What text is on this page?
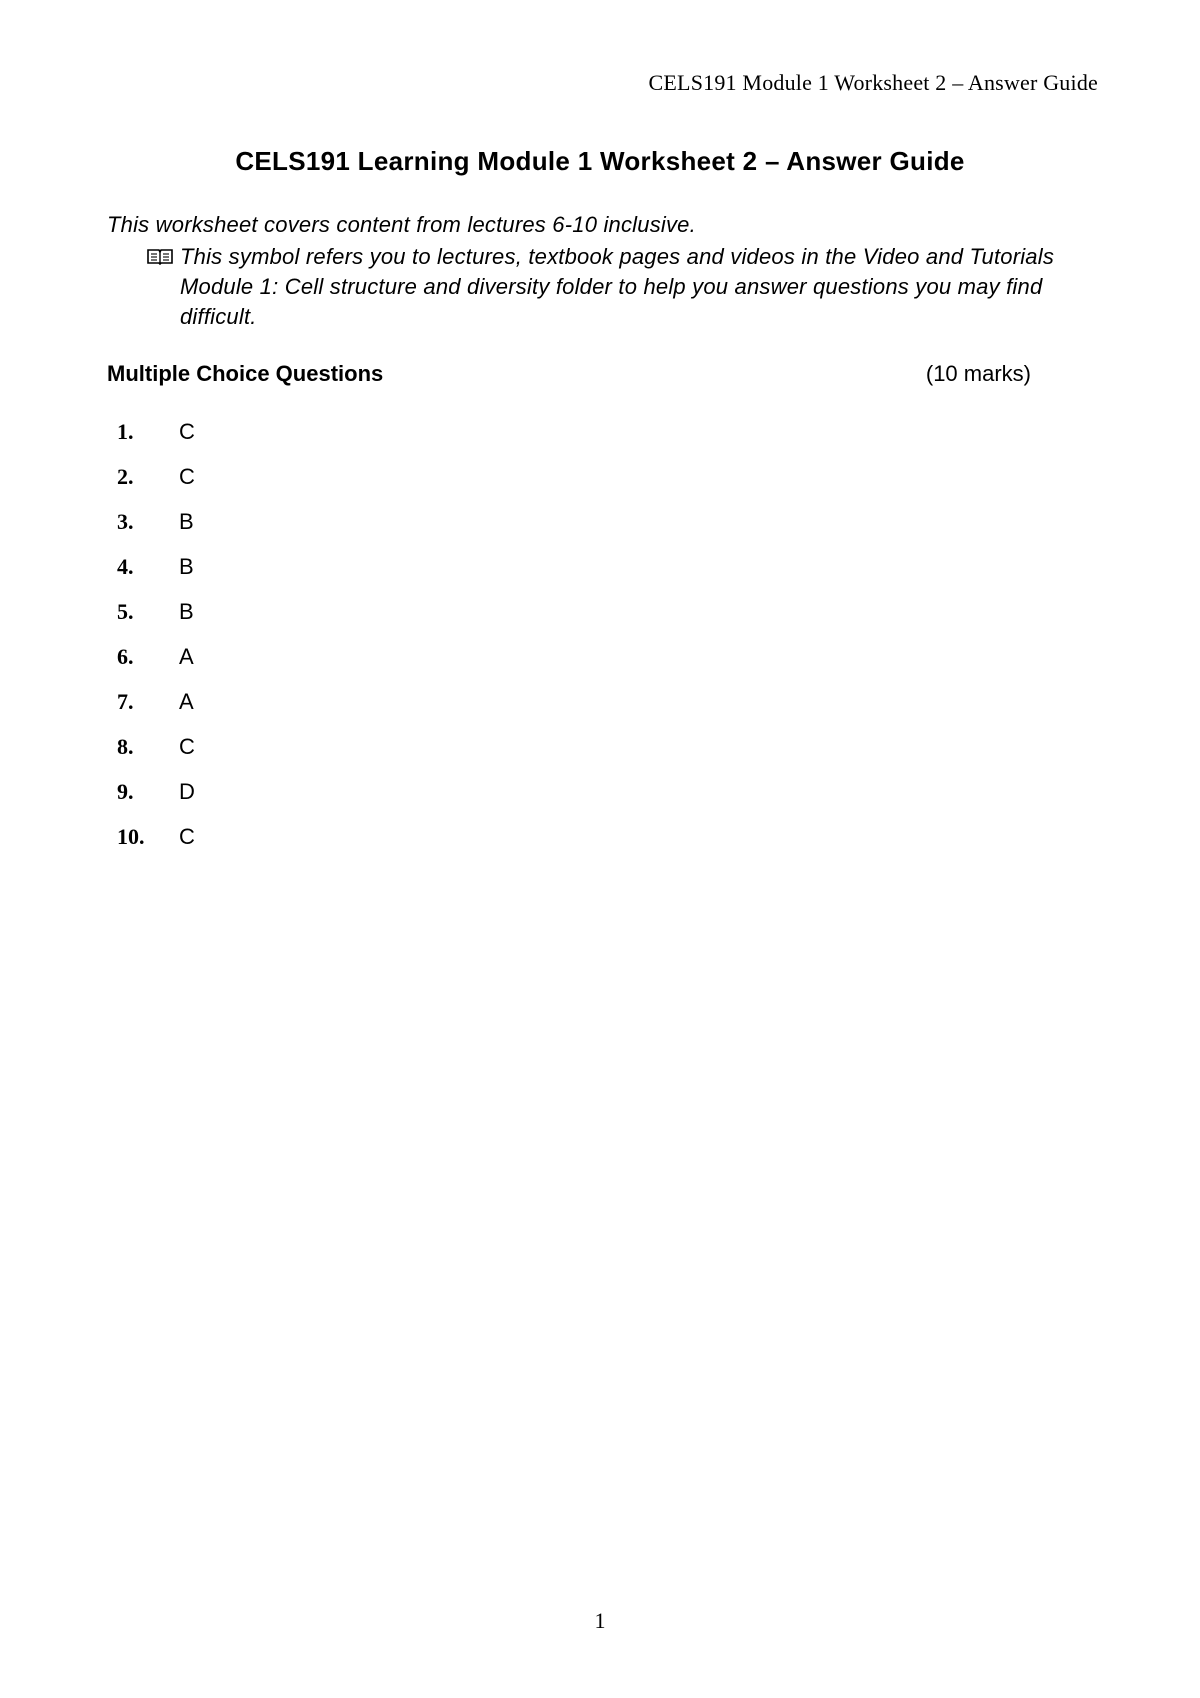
CELS191 Module 1 Worksheet 2 – Answer Guide
CELS191 Learning Module 1 Worksheet 2 – Answer Guide
This worksheet covers content from lectures 6-10 inclusive.
This symbol refers you to lectures, textbook pages and videos in the Video and Tutorials Module 1: Cell structure and diversity folder to help you answer questions you may find difficult.
Multiple Choice Questions	(10 marks)
1. C
2. C
3. B
4. B
5. B
6. A
7. A
8. C
9. D
10. C
1
